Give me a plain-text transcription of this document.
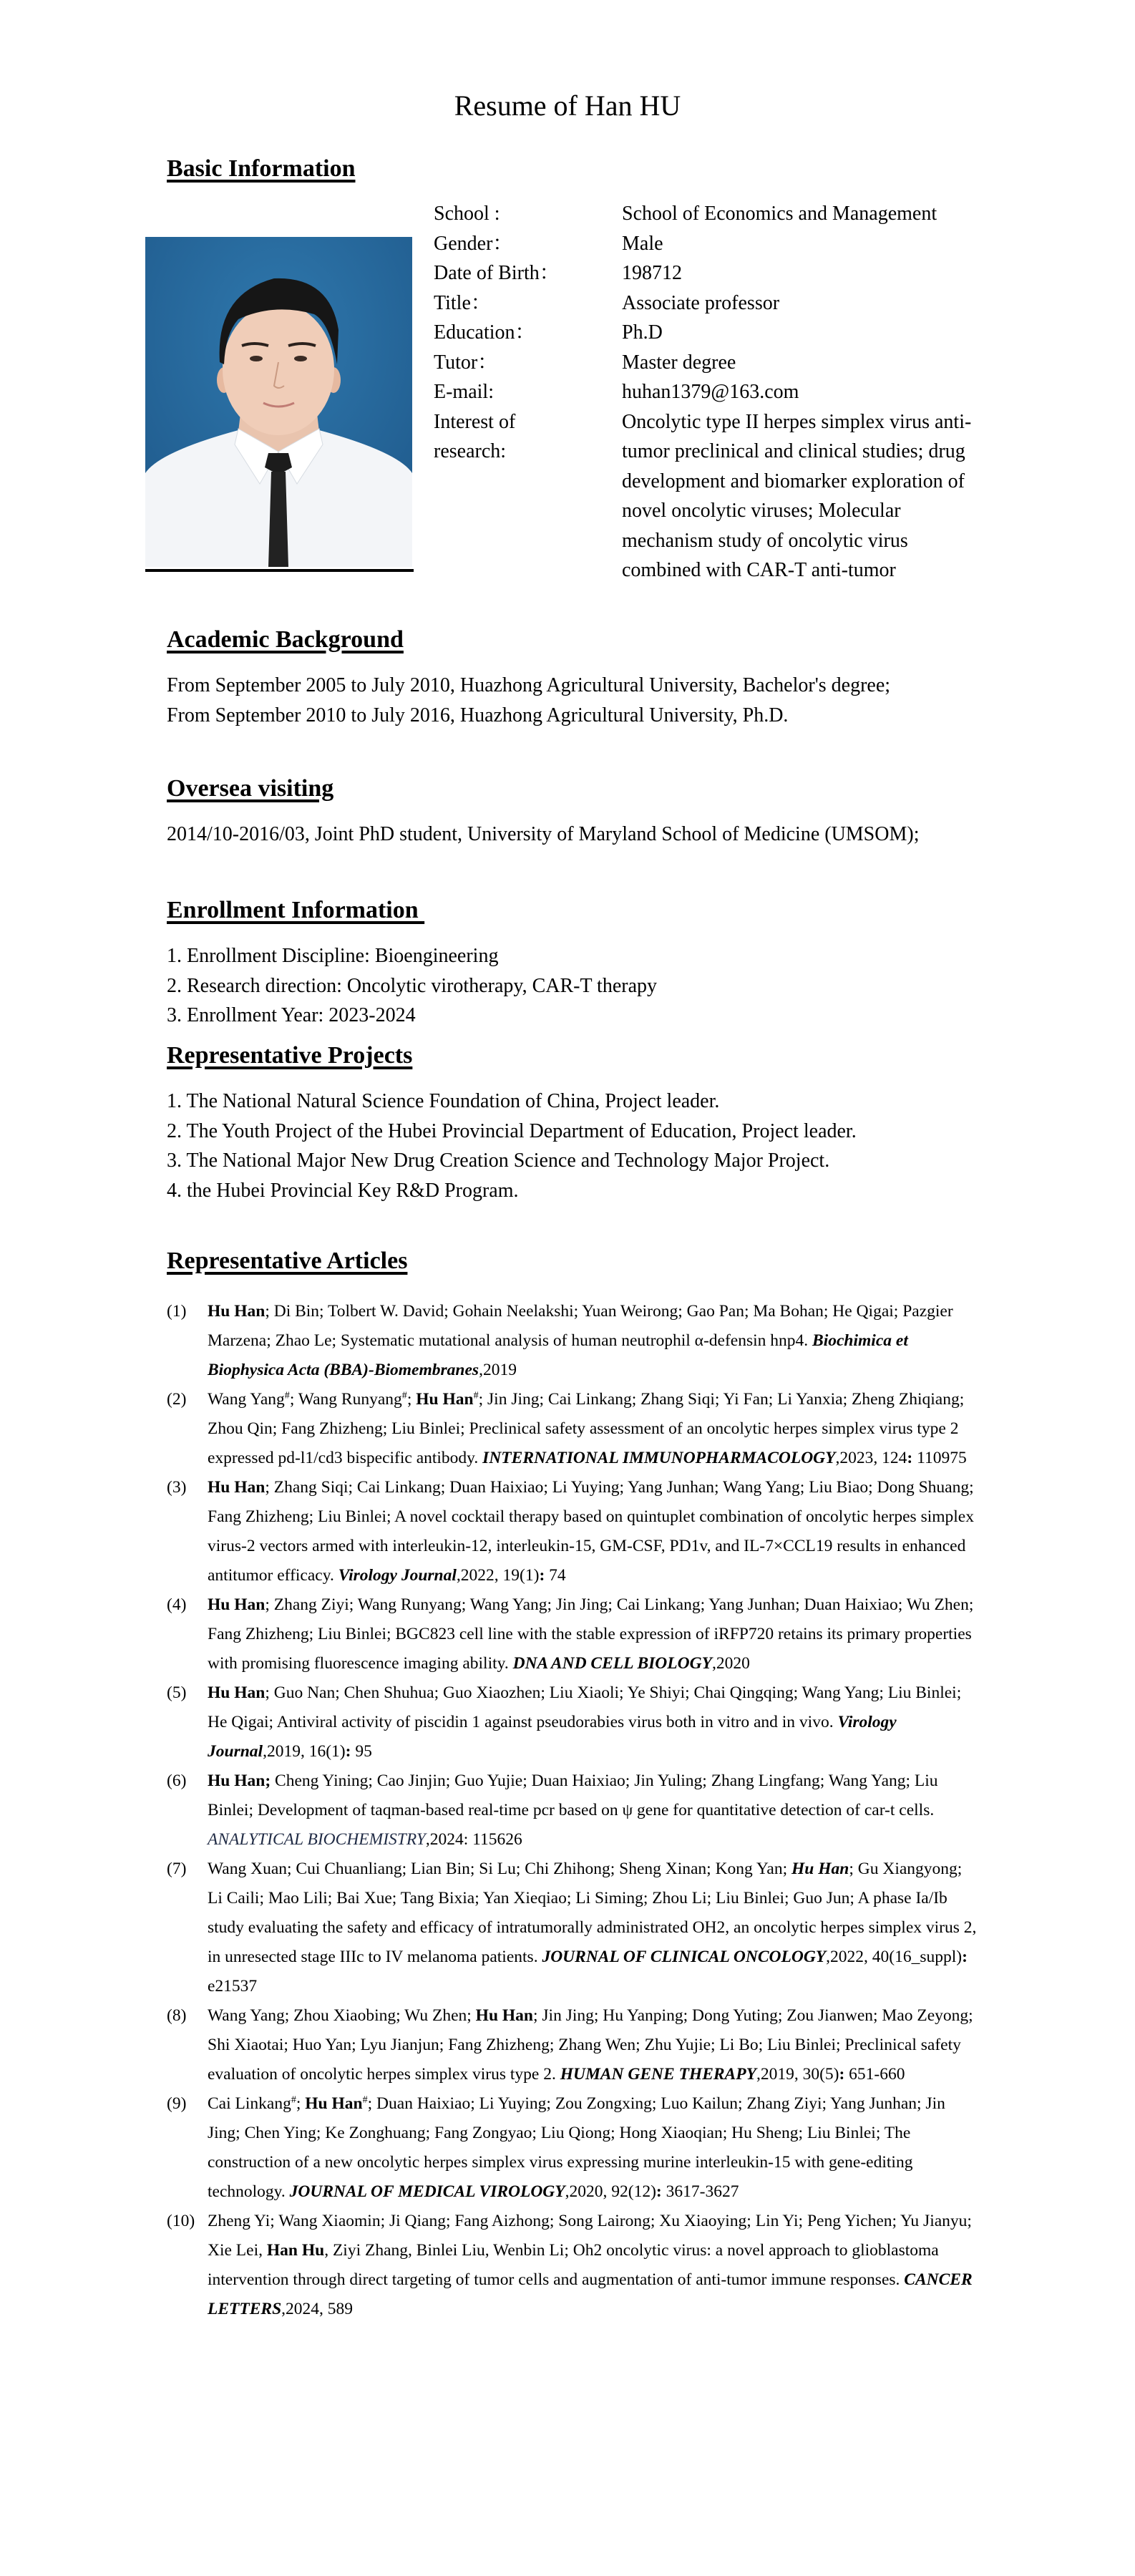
Resume of Han HU
Basic Information
School :	School of Economics and Management
Gender：	Male
Date of Birth：	198712
Title：	Associate professor
Education：	Ph.D
Tutor：	Master degree
E-mail:	huhan1379@163.com
Interest of research:
Oncolytic type II herpes simplex virus anti-tumor preclinical and clinical studies; drug development and biomarker exploration of novel oncolytic viruses; Molecular mechanism study of oncolytic virus combined with CAR-T anti-tumor
Academic Background

From September 2005 to July 2010, Huazhong Agricultural University, Bachelor's degree;

From September 2010 to July 2016, Huazhong Agricultural University, Ph.D.

Oversea visiting

2014/10-2016/03, Joint PhD student, University of Maryland School of Medicine (UMSOM);

Enrollment Information

1. Enrollment Discipline: Bioengineering

2. Research direction: Oncolytic virotherapy, CAR-T therapy

3. Enrollment Year: 2023-2024

Representative Projects

1. The National Natural Science Foundation of China, Project leader.

2. The Youth Project of the Hubei Provincial Department of Education, Project leader.

3. The National Major New Drug Creation Science and Technology Major Project.

4. the Hubei Provincial Key R&D Program.

Representative Articles
(1)	Hu Han; Di Bin; Tolbert W. David; Gohain Neelakshi; Yuan Weirong; Gao Pan; Ma Bohan; He Qigai; Pazgier Marzena; Zhao Le; Systematic mutational analysis of human neutrophil α-defensin hnp4. Biochimica et Biophysica Acta (BBA)-Biomembranes,2019
(2)	Wang Yang#; Wang Runyang#; Hu Han#; Jin Jing; Cai Linkang; Zhang Siqi; Yi Fan; Li Yanxia; Zheng Zhiqiang; Zhou Qin; Fang Zhizheng; Liu Binlei; Preclinical safety assessment of an oncolytic herpes simplex virus type 2 expressed pd-l1/cd3 bispecific antibody. INTERNATIONAL IMMUNOPHARMACOLOGY,2023, 124: 110975
(3)	Hu Han; Zhang Siqi; Cai Linkang; Duan Haixiao; Li Yuying; Yang Junhan; Wang Yang; Liu Biao; Dong Shuang; Fang Zhizheng; Liu Binlei; A novel cocktail therapy based on quintuplet combination of oncolytic herpes simplex virus-2 vectors armed with interleukin-12, interleukin-15, GM-CSF, PD1v, and IL-7×CCL19 results in enhanced antitumor efficacy. Virology Journal,2022, 19(1): 74
(4)	Hu Han; Zhang Ziyi; Wang Runyang; Wang Yang; Jin Jing; Cai Linkang; Yang Junhan; Duan Haixiao; Wu Zhen; Fang Zhizheng; Liu Binlei; BGC823 cell line with the stable expression of iRFP720 retains its primary properties with promising fluorescence imaging ability. DNA AND CELL BIOLOGY,2020
(5)	Hu Han; Guo Nan; Chen Shuhua; Guo Xiaozhen; Liu Xiaoli; Ye Shiyi; Chai Qingqing; Wang Yang; Liu Binlei; He Qigai; Antiviral activity of piscidin 1 against pseudorabies virus both in vitro and in vivo. Virology Journal,2019, 16(1): 95
(6)	Hu Han; Cheng Yining; Cao Jinjin; Guo Yujie; Duan Haixiao; Jin Yuling; Zhang Lingfang; Wang Yang; Liu Binlei; Development of taqman-based real-time pcr based on ψ gene for quantitative detection of car-t cells. ANALYTICAL BIOCHEMISTRY,2024: 115626
(7)	Wang Xuan; Cui Chuanliang; Lian Bin; Si Lu; Chi Zhihong; Sheng Xinan; Kong Yan; Hu Han; Gu Xiangyong; Li Caili; Mao Lili; Bai Xue; Tang Bixia; Yan Xieqiao; Li Siming; Zhou Li; Liu Binlei; Guo Jun; A phase Ia/Ib study evaluating the safety and efficacy of intratumorally administrated OH2, an oncolytic herpes simplex virus 2, in unresected stage IIIc to IV melanoma patients. JOURNAL OF CLINICAL ONCOLOGY,2022, 40(16_suppl): e21537
(8)	Wang Yang; Zhou Xiaobing; Wu Zhen; Hu Han; Jin Jing; Hu Yanping; Dong Yuting; Zou Jianwen; Mao Zeyong; Shi Xiaotai; Huo Yan; Lyu Jianjun; Fang Zhizheng; Zhang Wen; Zhu Yujie; Li Bo; Liu Binlei; Preclinical safety evaluation of oncolytic herpes simplex virus type 2. HUMAN GENE THERAPY,2019, 30(5): 651-660
(9)	Cai Linkang#; Hu Han#; Duan Haixiao; Li Yuying; Zou Zongxing; Luo Kailun; Zhang Ziyi; Yang Junhan; Jin Jing; Chen Ying; Ke Zonghuang; Fang Zongyao; Liu Qiong; Hong Xiaoqian; Hu Sheng; Liu Binlei; The construction of a new oncolytic herpes simplex virus expressing murine interleukin-15 with gene-editing technology. JOURNAL OF MEDICAL VIROLOGY,2020, 92(12): 3617-3627
(10) Zheng Yi; Wang Xiaomin; Ji Qiang; Fang Aizhong; Song Lairong; Xu Xiaoying; Lin Yi; Peng Yichen; Yu Jianyu; Xie Lei, Han Hu, Ziyi Zhang, Binlei Liu, Wenbin Li; Oh2 oncolytic virus: a novel approach to glioblastoma intervention through direct targeting of tumor cells and augmentation of anti-tumor immune responses. CANCER LETTERS,2024, 589
